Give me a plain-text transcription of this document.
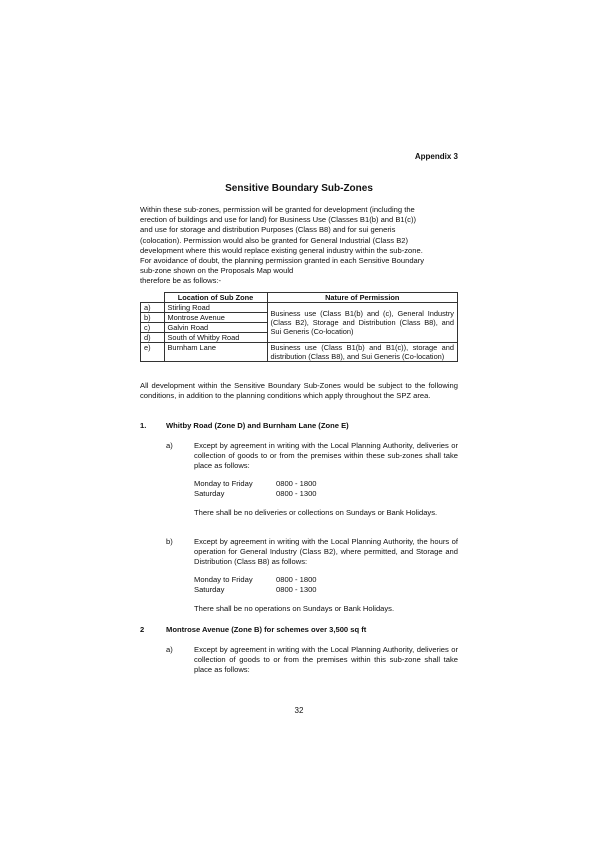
Appendix 3
Sensitive Boundary Sub-Zones
Within these sub-zones, permission will be granted for development (including the
erection of buildings and use for land) for Business Use (Classes B1(b) and B1(c))
and use for storage and distribution Purposes (Class B8) and for sui generis
(colocation). Permission would also be granted for General Industrial (Class B2)
development where this would replace existing general industry within the sub-zone.
For avoidance of doubt, the planning permission granted in each Sensitive Boundary
sub-zone shown on the Proposals Map would
therefore be as follows:-
	Location of Sub Zone	Nature of Permission
a)	Stirling Road	Business use (Class B1(b) and (c), General Industry (Class B2), Storage and Distribution (Class B8), and Sui Generis (Co-location)
b)	Montrose Avenue	
c)	Galvin Road	
d)	South of Whitby Road	
e)	Burnham Lane	Business use (Class B1(b) and B1(c)), storage and distribution (Class B8), and Sui Generis (Co-location)
All development within the Sensitive Boundary Sub-Zones would be subject to the following conditions, in addition to the planning conditions which apply throughout the SPZ area.
1.	Whitby Road (Zone D) and Burnham Lane (Zone E)
a)	Except by agreement in writing with the Local Planning Authority, deliveries or collection of goods to or from the premises within these sub-zones shall take place as follows:
Monday to Friday	0800 - 1800
Saturday	0800 - 1300
There shall be no deliveries or collections on Sundays or Bank Holidays.
b)	Except by agreement in writing with the Local Planning Authority, the hours of operation for General Industry (Class B2), where permitted, and Storage and Distribution (Class B8) as follows:
Monday to Friday	0800 - 1800
Saturday	0800 - 1300
There shall be no operations on Sundays or Bank Holidays.
2	Montrose Avenue (Zone B) for schemes over 3,500 sq ft
a)	Except by agreement in writing with the Local Planning Authority, deliveries or collection of goods to or from the premises within this sub-zone shall take place as follows:
32
